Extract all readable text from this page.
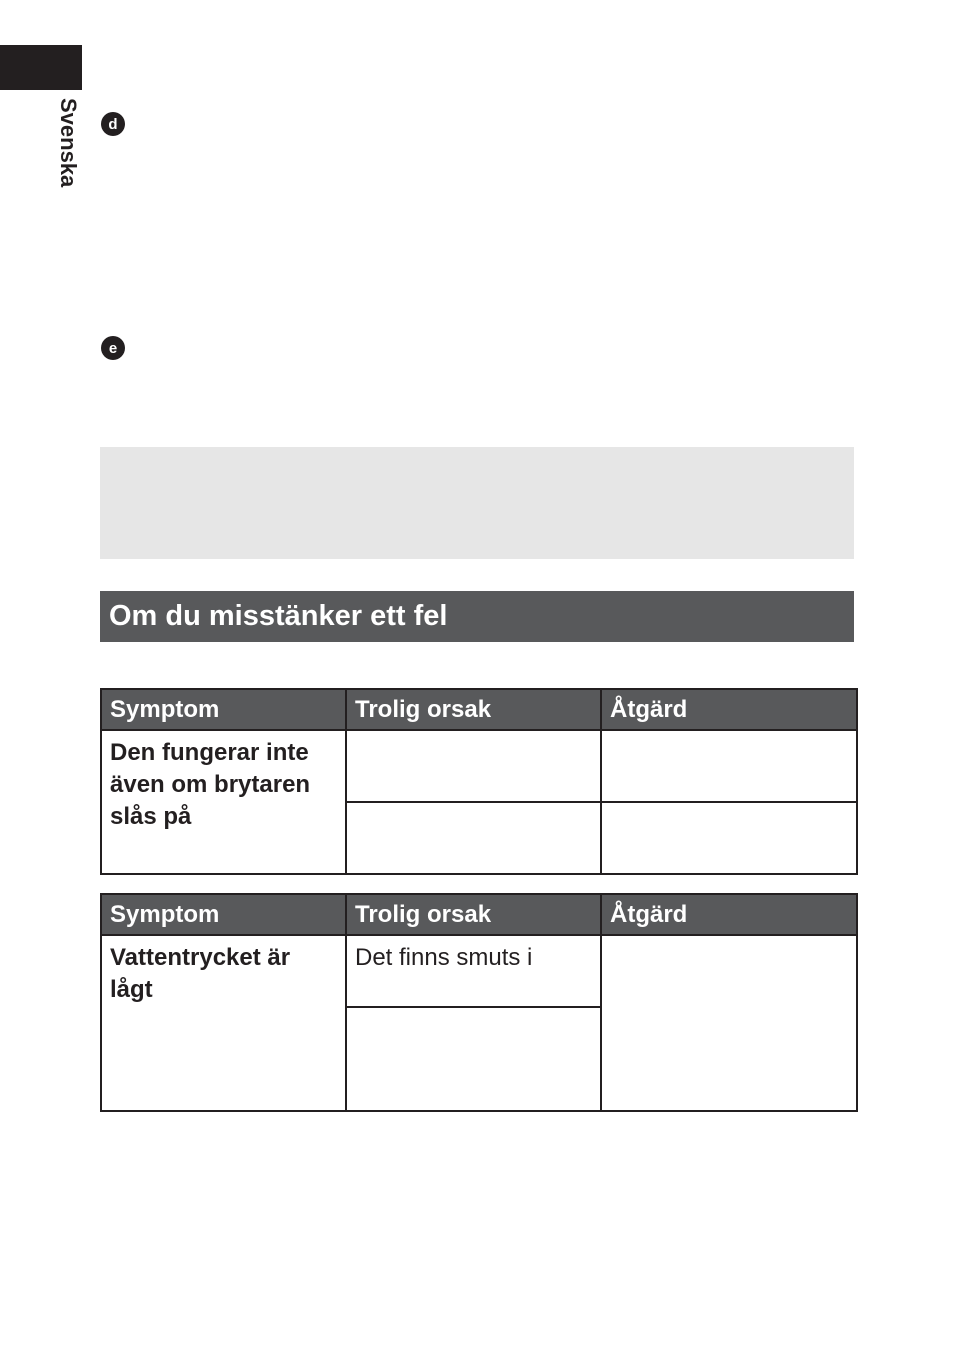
Svenska	d
e
Om du misstänker ett fel
Symptom	Trolig orsak	Åtgärd
Den fungerar inte även om brytaren slås på		

Symptom	Trolig orsak	Åtgärd
Vattentrycket är lågt	Det finns smuts i	
